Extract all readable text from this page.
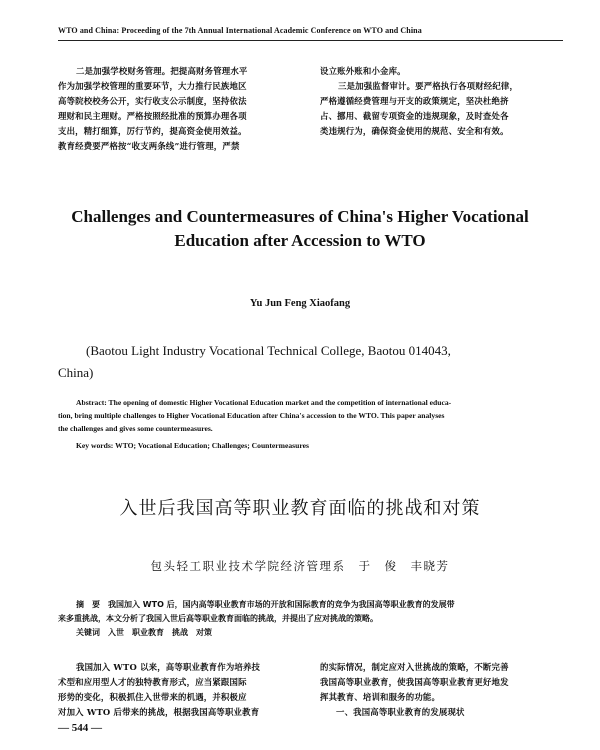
WTO and China: Proceeding of the 7th Annual International Academic Conference on WTO and China

二是加强学校财务管理。把提高财务管理水平

作为加强学校管理的重要环节，大力推行民族地区

高等院校校务公开，实行收支公示制度，坚持依法

理财和民主理财。严格按照经批准的预算办理各项

支出，精打细算，厉行节约，提高资金使用效益。

教育经费要严格按“收支两条线”进行管理，严禁

设立账外账和小金库。

三是加强监督审计。要严格执行各项财经纪律，

严格遵循经费管理与开支的政策规定，坚决杜绝挤

占、挪用、截留专项资金的违规现象，及时查处各

类违规行为，确保资金使用的规范、安全和有效。

Challenges and Countermeasures of China's Higher Vocational
Education after Accession to WTO
Yu Jun Feng Xiaofang
(Baotou Light Industry Vocational Technical College, Baotou 014043,
China)
Abstract: The opening of domestic Higher Vocational Education market and the competition of international educa-
tion, bring multiple challenges to Higher Vocational Education after China's accession to the WTO. This paper analyses
the challenges and gives some countermeasures.
Key words: WTO; Vocational Education; Challenges; Countermeasures
入世后我国高等职业教育面临的挑战和对策
包头轻工职业技术学院经济管理系　于　俊　丰晓芳

摘　要　我国加入 WTO 后，国内高等职业教育市场的开放和国际教育的竞争为我国高等职业教育的发展带

来多重挑战，本文分析了我国入世后高等职业教育面临的挑战，并提出了应对挑战的策略。

关键词　入世　职业教育　挑战　对策

我国加入 WTO 以来，高等职业教育作为培养技

术型和应用型人才的独特教育形式，应当紧跟国际

形势的变化，积极抓住入世带来的机遇，并积极应

对加入 WTO 后带来的挑战，根据我国高等职业教育

的实际情况，制定应对入世挑战的策略，不断完善

我国高等职业教育，使我国高等职业教育更好地发

挥其教育、培训和服务的功能。

一、我国高等职业教育的发展现状

— 544 —
